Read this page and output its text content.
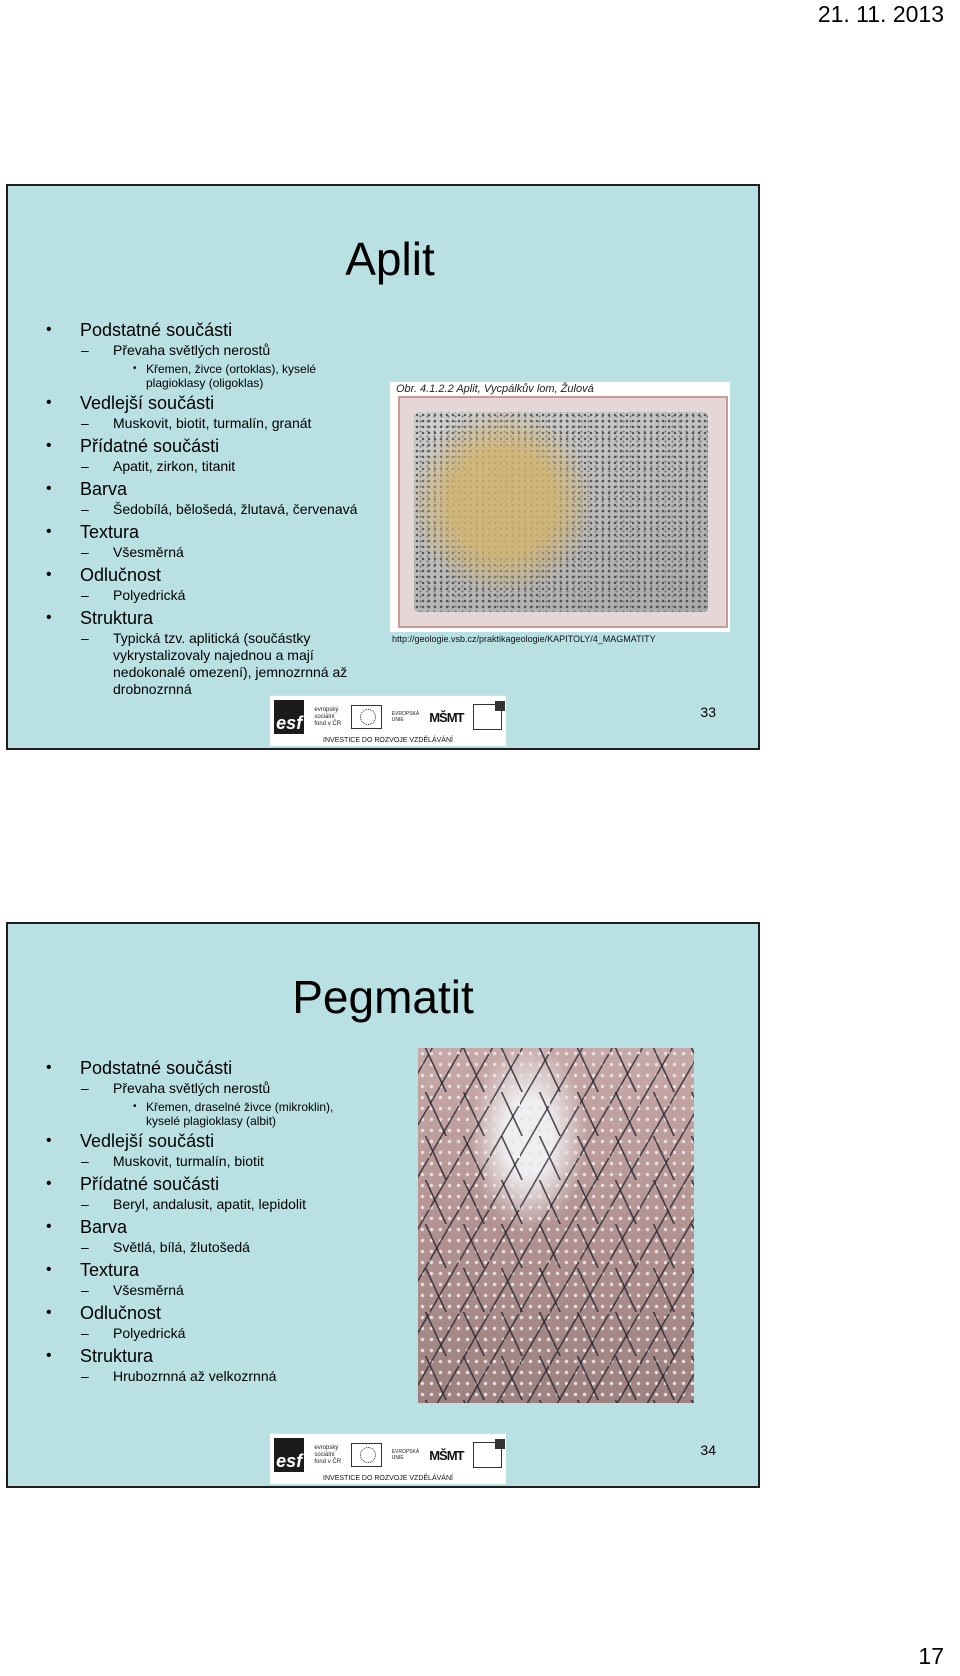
21. 11. 2013
Aplit
• Podstatné součásti
– Převaha světlých nerostů
• Křemen, živce (ortoklas), kyselé plagioklasy (oligoklas)
• Vedlejší součásti
– Muskovit, biotit, turmalín, granát
• Přídatné součásti
– Apatit, zirkon, titanit
• Barva
– Šedobílá, bělošedá, žlutavá, červenavá
• Textura
– Všesměrná
• Odlučnost
– Polyedrická
• Struktura
– Typická tzv. aplitická (součástky vykrystalizovaly najednou a mají nedokonalé omezení), jemnozrnná až drobnozrnná
Obr. 4.1.2.2 Aplit, Vycpálkův lom, Žulová
http://geologie.vsb.cz/praktikageologie/KAPITOLY/4_MAGMATITY
esf
evropský sociální fond v ČR
EVROPSKÁ UNIE	MŠMT
INVESTICE DO ROZVOJE VZDĚLÁVÁNÍ
33
Pegmatit
• Podstatné součásti
– Převaha světlých nerostů
• Křemen, draselné živce (mikroklin), kyselé plagioklasy (albit)
• Vedlejší součásti
– Muskovit, turmalín, biotit
• Přídatné součásti
– Beryl, andalusit, apatit, lepidolit
• Barva
– Světlá, bílá, žlutošedá
• Textura
– Všesměrná
• Odlučnost
– Polyedrická
• Struktura
– Hrubozrnná až velkozrnná
esf
evropský sociální fond v ČR
EVROPSKÁ UNIE	MŠMT
INVESTICE DO ROZVOJE VZDĚLÁVÁNÍ
34
17
